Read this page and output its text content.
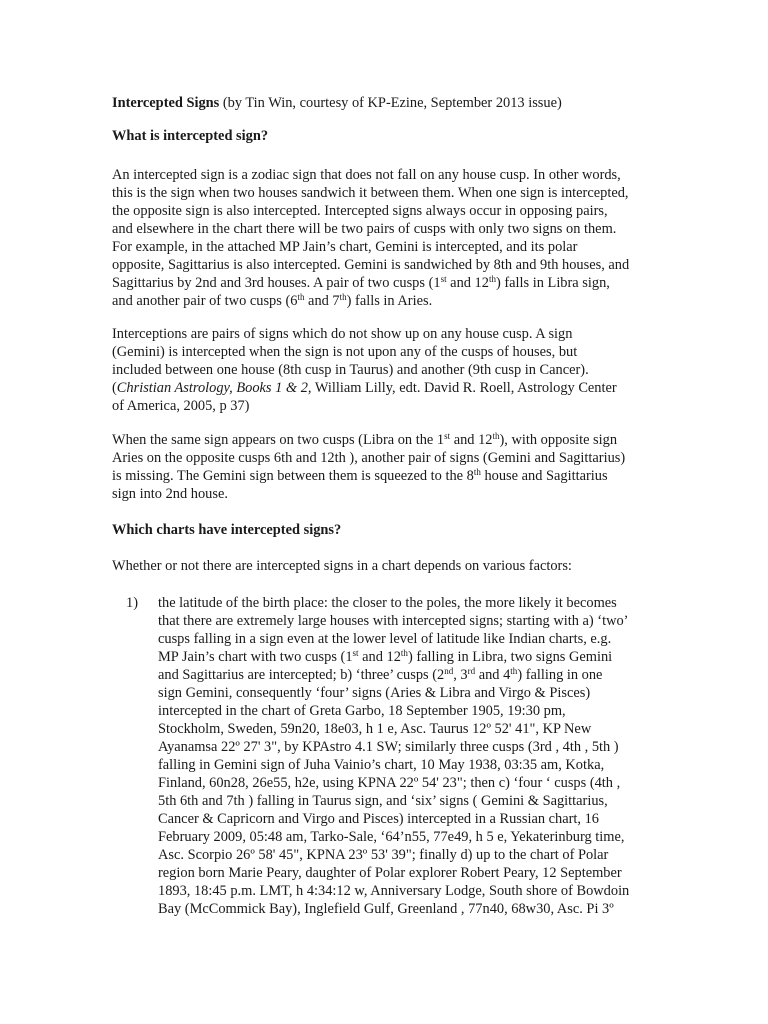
Intercepted Signs (by Tin Win, courtesy of KP-Ezine, September 2013 issue)
What is intercepted sign?
An intercepted sign is a zodiac sign that does not fall on any house cusp. In other words,
this is the sign when two houses sandwich it between them. When one sign is intercepted,
the opposite sign is also intercepted. Intercepted signs always occur in opposing pairs,
and elsewhere in the chart there will be two pairs of cusps with only two signs on them.
For example, in the attached MP Jain’s chart, Gemini is intercepted, and its polar
opposite, Sagittarius is also intercepted. Gemini is sandwiched by 8th and 9th houses, and
Sagittarius by 2nd and 3rd houses. A pair of two cusps (1st and 12th) falls in Libra sign,
and another pair of two cusps (6th and 7th) falls in Aries.
Interceptions are pairs of signs which do not show up on any house cusp. A sign
(Gemini) is intercepted when the sign is not upon any of the cusps of houses, but
included between one house (8th cusp in Taurus) and another (9th cusp in Cancer).
(Christian Astrology, Books 1 & 2, William Lilly, edt. David R. Roell, Astrology Center
of America, 2005, p 37)
When the same sign appears on two cusps (Libra on the 1st and 12th), with opposite sign
Aries on the opposite cusps 6th and 12th ), another pair of signs (Gemini and Sagittarius)
is missing. The Gemini sign between them is squeezed to the 8th house and Sagittarius
sign into 2nd house.
Which charts have intercepted signs?
Whether or not there are intercepted signs in a chart depends on various factors:
1) the latitude of the birth place: the closer to the poles, the more likely it becomes
that there are extremely large houses with intercepted signs; starting with a) ‘two’
cusps falling in a sign even at the lower level of latitude like Indian charts, e.g.
MP Jain’s chart with two cusps (1st and 12th) falling in Libra, two signs Gemini
and Sagittarius are intercepted; b) ‘three’ cusps (2nd, 3rd and 4th) falling in one
sign Gemini, consequently ‘four’ signs (Aries & Libra and Virgo & Pisces)
intercepted in the chart of Greta Garbo, 18 September 1905, 19:30 pm,
Stockholm, Sweden, 59n20, 18e03, h 1 e, Asc. Taurus 12º 52' 41", KP New
Ayanamsa 22º 27' 3", by KPAstro 4.1 SW; similarly three cusps (3rd , 4th , 5th )
falling in Gemini sign of Juha Vainio’s chart, 10 May 1938, 03:35 am, Kotka,
Finland, 60n28, 26e55, h2e, using KPNA 22º 54' 23"; then c) ‘four ‘ cusps (4th ,
5th 6th and 7th ) falling in Taurus sign, and ‘six’ signs ( Gemini & Sagittarius,
Cancer & Capricorn and Virgo and Pisces) intercepted in a Russian chart, 16
February 2009, 05:48 am, Tarko-Sale, ‘64’n55, 77e49, h 5 e, Yekaterinburg time,
Asc. Scorpio 26º 58' 45", KPNA 23º 53' 39"; finally d) up to the chart of Polar
region born Marie Peary, daughter of Polar explorer Robert Peary, 12 September
1893, 18:45 p.m. LMT, h 4:34:12 w, Anniversary Lodge, South shore of Bowdoin
Bay (McCommick Bay), Inglefield Gulf, Greenland , 77n40, 68w30, Asc. Pi 3º
